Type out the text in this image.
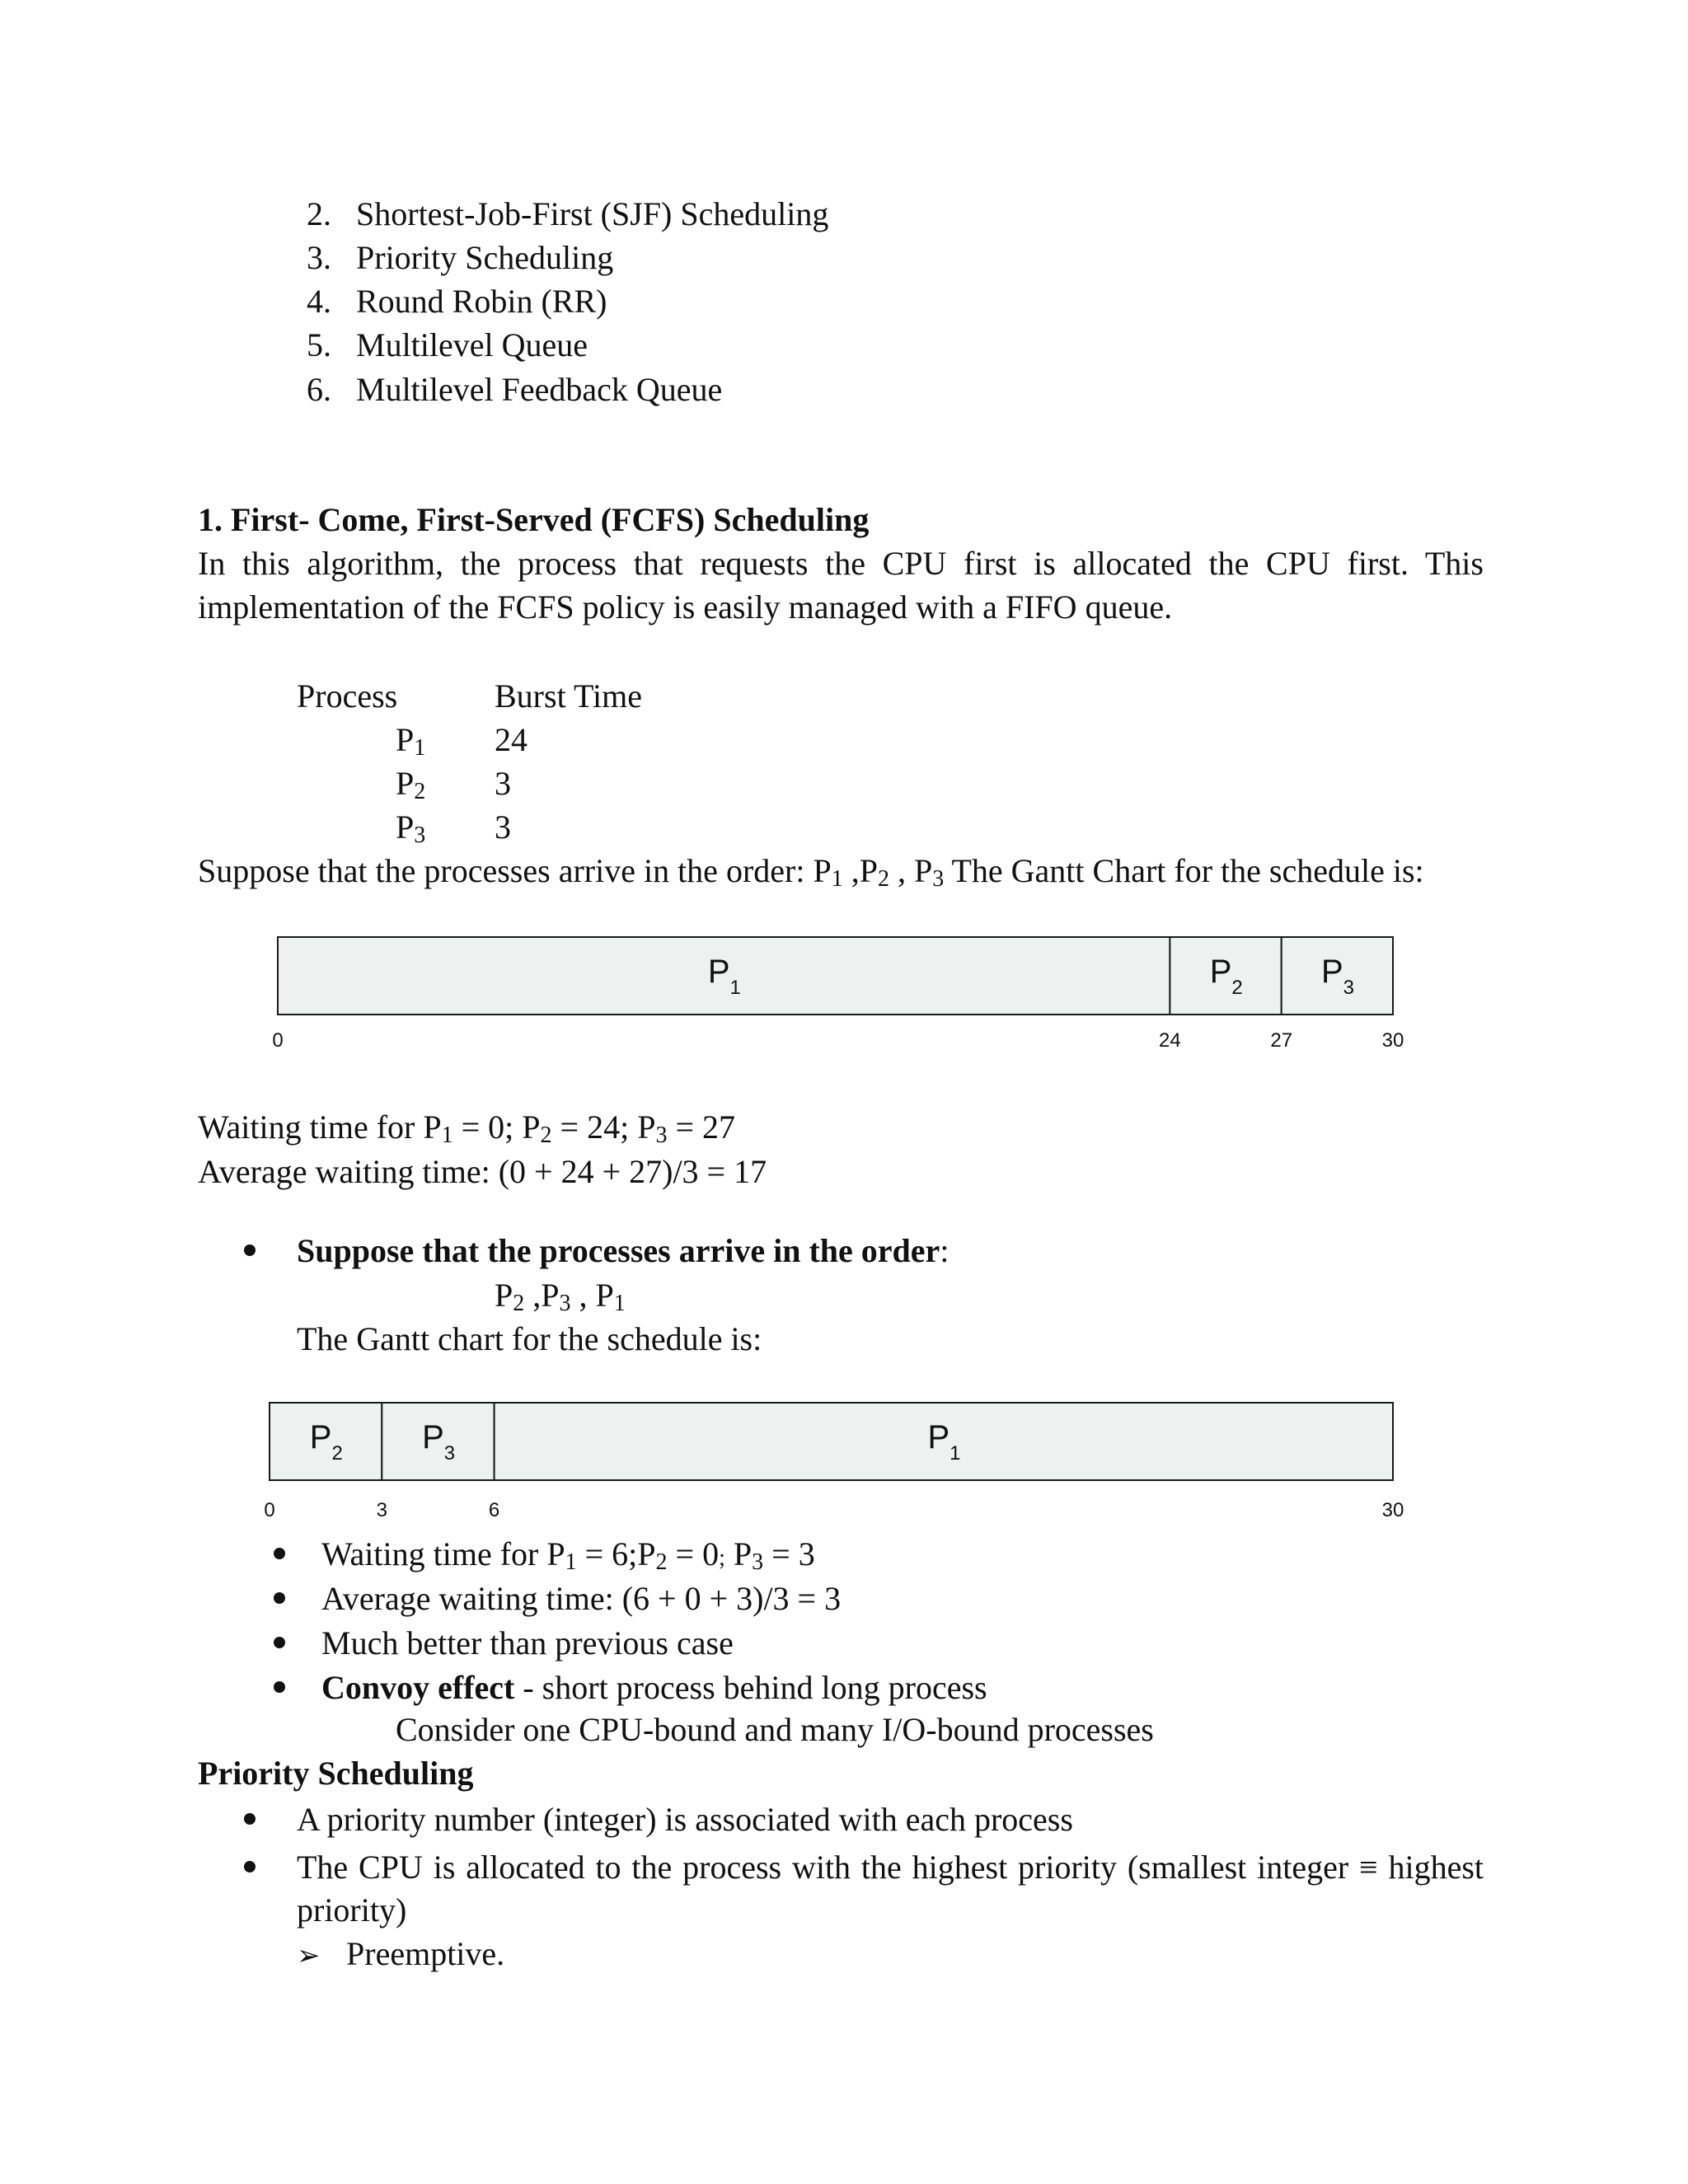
2. Shortest-Job-First (SJF) Scheduling
3. Priority Scheduling
4. Round Robin (RR)
5. Multilevel Queue
6. Multilevel Feedback Queue
1. First- Come, First-Served (FCFS) Scheduling
In this algorithm, the process that requests the CPU first is allocated the CPU first. This
implementation of the FCFS policy is easily managed with a FIFO queue.
Process	Burst Time
$P_1$ 24
$P_2$ 3
$P_3$ 3
Suppose that the processes arrive in the order: $P_1$ $,P_2$ , $P_3$ The Gantt Chart for the schedule is:
P 1	P 2 P 3
0	24	27	30
P 2 P 3	P 1
0	3	6	30
Waiting time for $P_1 = 0$; $P_2 = 24$; $P_3 = 27$
Average waiting time: (0 + 24 + 27)/3 = 17
Suppose that the processes arrive in the order:
$P_2$ $,P_3$ , $P_1$
The Gantt chart for the schedule is:
Waiting time for $P_1$ = $6;P_2 = 0$; $P_3 = 3$
Average waiting time: (6 + 0 + 3)/3 = 3
Much better than previous case
Convoy effect - short process behind long process
Consider one CPU-bound and many I/O-bound processes
Priority Scheduling
A priority number (integer) is associated with each process
The CPU is allocated to the process with the highest priority (smallest integer ≡ highest
priority)
➢ Preemptive.
